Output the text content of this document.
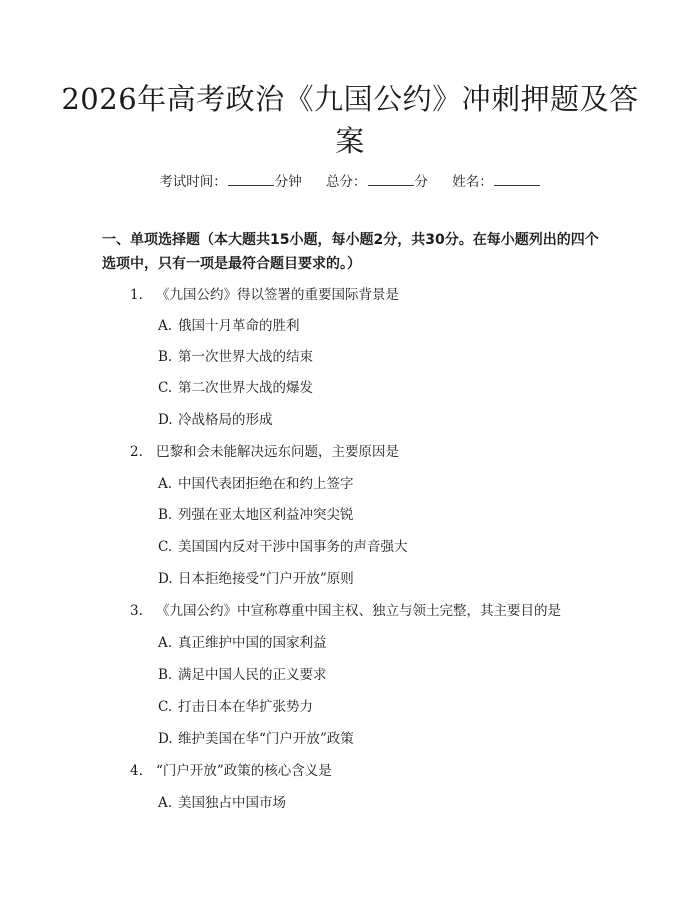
2026年高考政治《九国公约》冲刺押题及答案
考试时间：	分钟 总分：	分 姓名：
一、单项选择题（本大题共15小题，每小题2分，共30分。在每小题列出的四个选项中，只有一项是最符合题目要求的。）
1. 《九国公约》得以签署的重要国际背景是
A. 俄国十月革命的胜利
B. 第一次世界大战的结束
C. 第二次世界大战的爆发
D. 冷战格局的形成
2. 巴黎和会未能解决远东问题，主要原因是
A. 中国代表团拒绝在和约上签字
B. 列强在亚太地区利益冲突尖锐
C. 美国国内反对干涉中国事务的声音强大
D. 日本拒绝接受“门户开放”原则
3. 《九国公约》中宣称尊重中国主权、独立与领土完整，其主要目的是
A. 真正维护中国的国家利益
B. 满足中国人民的正义要求
C. 打击日本在华扩张势力
D. 维护美国在华“门户开放”政策
4. “门户开放”政策的核心含义是
A. 美国独占中国市场
